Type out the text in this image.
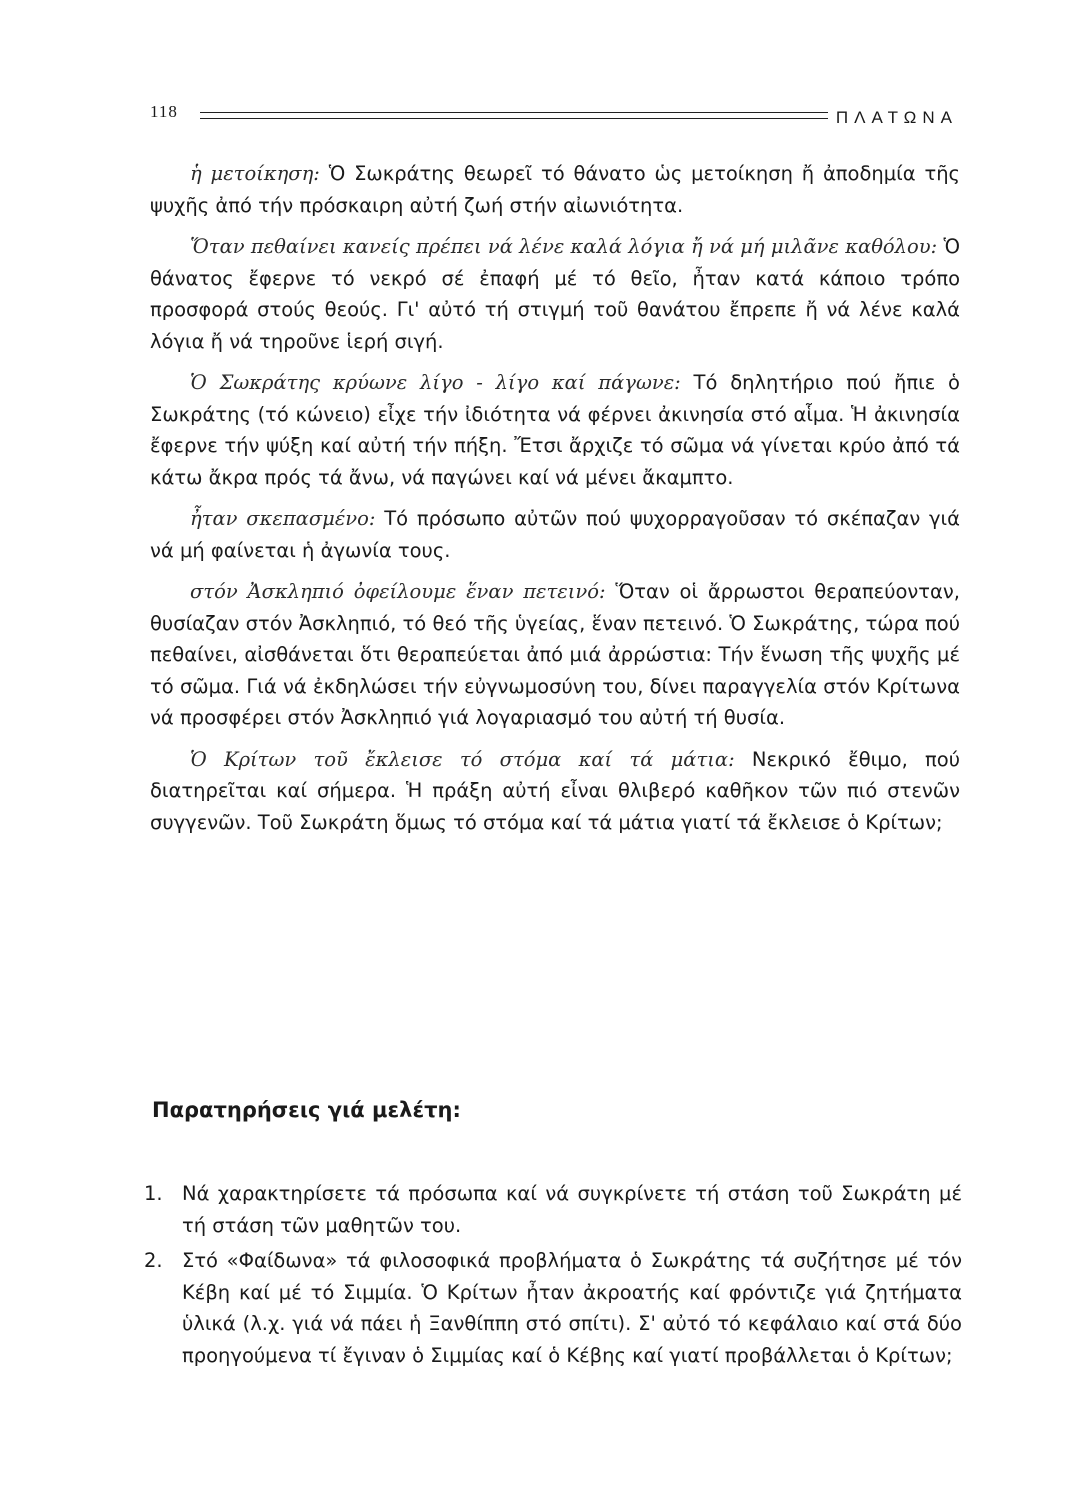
118	ΠΛΑΤΩΝΑ

ἡ μετοίκηση: Ὁ Σωκράτης θεωρεῖ τό θάνατο ὡς μετοίκηση ἤ ἀποδημία τῆς ψυχῆς ἀπό τήν πρόσκαιρη αὐτή ζωή στήν αἰωνιότητα.

Ὅταν πεθαίνει κανείς πρέπει νά λένε καλά λόγια ἤ νά μή μιλᾶνε καθόλου: Ὁ θάνατος ἔφερνε τό νεκρό σέ ἐπαφή μέ τό θεῖο, ἦταν κατά κάποιο τρόπο προσφορά στούς θεούς. Γι' αὐτό τή στιγμή τοῦ θανάτου ἔπρεπε ἤ νά λένε καλά λόγια ἤ νά τηροῦνε ἱερή σιγή.

Ὁ Σωκράτης κρύωνε λίγο - λίγο καί πάγωνε: Τό δηλητήριο πού ἤπιε ὁ Σωκράτης (τό κώνειο) εἶχε τήν ἰδιότητα νά φέρνει ἀκινησία στό αἷμα. Ἡ ἀκινησία ἔφερνε τήν ψύξη καί αὐτή τήν πήξη. Ἔτσι ἄρχιζε τό σῶμα νά γίνεται κρύο ἀπό τά κάτω ἄκρα πρός τά ἄνω, νά παγώνει καί νά μένει ἄκαμπτο.

ἦταν σκεπασμένο: Τό πρόσωπο αὐτῶν πού ψυχορραγοῦσαν τό σκέπαζαν γιά νά μή φαίνεται ἡ ἀγωνία τους.

στόν Ἀσκληπιό ὀφείλουμε ἕναν πετεινό: Ὅταν οἱ ἄρρωστοι θεραπεύονταν, θυσίαζαν στόν Ἀσκληπιό, τό θεό τῆς ὑγείας, ἕναν πετεινό. Ὁ Σωκράτης, τώρα πού πεθαίνει, αἰσθάνεται ὅτι θεραπεύεται ἀπό μιά ἀρρώστια: Τήν ἕνωση τῆς ψυχῆς μέ τό σῶμα. Γιά νά ἐκδηλώσει τήν εὐγνωμοσύνη του, δίνει παραγγελία στόν Κρίτωνα νά προσφέρει στόν Ἀσκληπιό γιά λογαριασμό του αὐτή τή θυσία.

Ὁ Κρίτων τοῦ ἔκλεισε τό στόμα καί τά μάτια: Νεκρικό ἔθιμο, πού διατηρεῖται καί σήμερα. Ἡ πράξη αὐτή εἶναι θλιβερό καθῆκον τῶν πιό στενῶν συγγενῶν. Τοῦ Σωκράτη ὅμως τό στόμα καί τά μάτια γιατί τά ἔκλεισε ὁ Κρίτων;

Παρατηρήσεις γιά μελέτη:
1. Νά χαρακτηρίσετε τά πρόσωπα καί νά συγκρίνετε τή στάση τοῦ Σωκράτη μέ τή στάση τῶν μαθητῶν του.
2. Στό «Φαίδωνα» τά φιλοσοφικά προβλήματα ὁ Σωκράτης τά συζήτησε μέ τόν Κέβη καί μέ τό Σιμμία. Ὁ Κρίτων ἦταν ἀκροατής καί φρόντιζε γιά ζητήματα ὑλικά (λ.χ. γιά νά πάει ἡ Ξανθίππη στό σπίτι). Σ' αὐτό τό κεφάλαιο καί στά δύο προηγούμενα τί ἔγιναν ὁ Σιμμίας καί ὁ Κέβης καί γιατί προβάλλεται ὁ Κρίτων;
